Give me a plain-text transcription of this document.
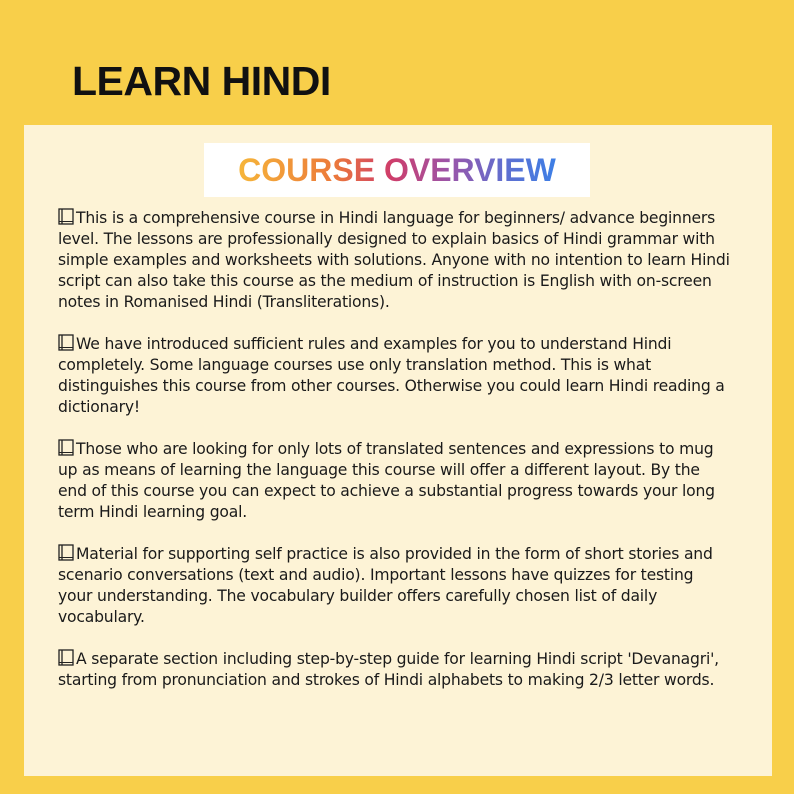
LEARN HINDI
COURSE OVERVIEW

This is a comprehensive course in Hindi language for beginners/ advance beginners level. The lessons are professionally designed to explain basics of Hindi grammar with simple examples and worksheets with solutions. Anyone with no intention to learn Hindi script can also take this course as the medium of instruction is English with on-screen notes in Romanised Hindi (Transliterations).

We have introduced sufficient rules and examples for you to understand Hindi completely. Some language courses use only translation method. This is what distinguishes this course from other courses. Otherwise you could learn Hindi reading a dictionary!

Those who are looking for only lots of translated sentences and expressions to mug up as means of learning the language this course will offer a different layout. By the end of this course you can expect to achieve a substantial progress towards your long term Hindi learning goal.

Material for supporting self practice is also provided in the form of short stories and scenario conversations (text and audio). Important lessons have quizzes for testing your understanding. The vocabulary builder offers carefully chosen list of daily vocabulary.

A separate section including step-by-step guide for learning Hindi script 'Devanagri', starting from pronunciation and strokes of Hindi alphabets to making 2/3 letter words.
